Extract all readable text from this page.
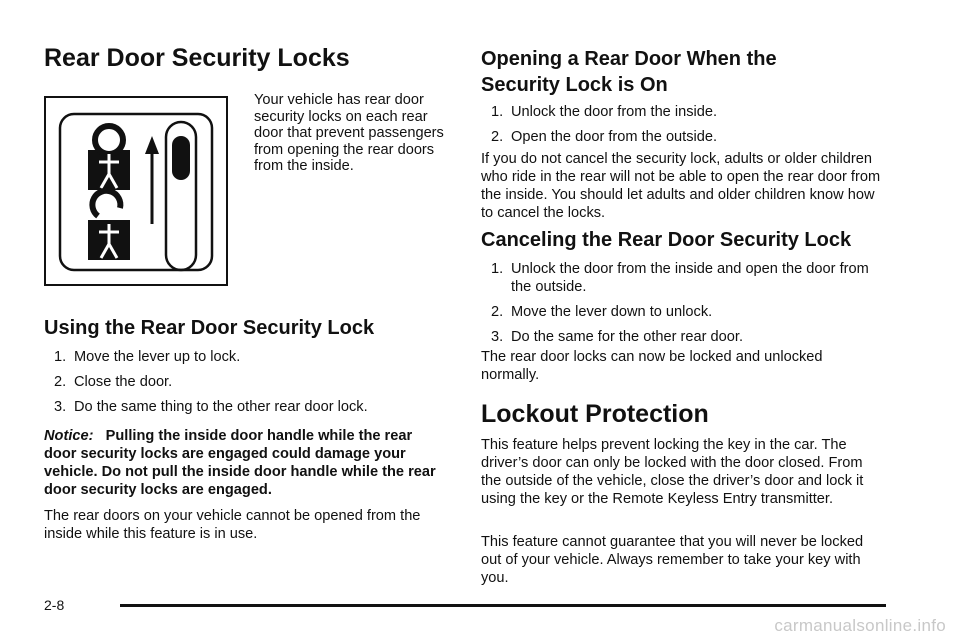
Rear Door Security Locks

Your vehicle has rear door security locks on each rear door that prevent passengers from opening the rear doors from the inside.

Using the Rear Door Security Lock
1. Move the lever up to lock.
2. Close the door.
3. Do the same thing to the other rear door lock.

Notice: Pulling the inside door handle while the rear door security locks are engaged could damage your vehicle. Do not pull the inside door handle while the rear door security locks are engaged.

The rear doors on your vehicle cannot be opened from the inside while this feature is in use.

Opening a Rear Door When the Security Lock is On
1. Unlock the door from the inside.
2. Open the door from the outside.

If you do not cancel the security lock, adults or older children who ride in the rear will not be able to open the rear door from the inside. You should let adults and older children know how to cancel the locks.

Canceling the Rear Door Security Lock
1. Unlock the door from the inside and open the door from the outside.
2. Move the lever down to unlock.
3. Do the same for the other rear door.

The rear door locks can now be locked and unlocked normally.

Lockout Protection

This feature helps prevent locking the key in the car. The driver’s door can only be locked with the door closed. From the outside of the vehicle, close the driver’s door and lock it using the key or the Remote Keyless Entry transmitter.

This feature cannot guarantee that you will never be locked out of your vehicle. Always remember to take your key with you.

2-8
carmanualsonline.info
